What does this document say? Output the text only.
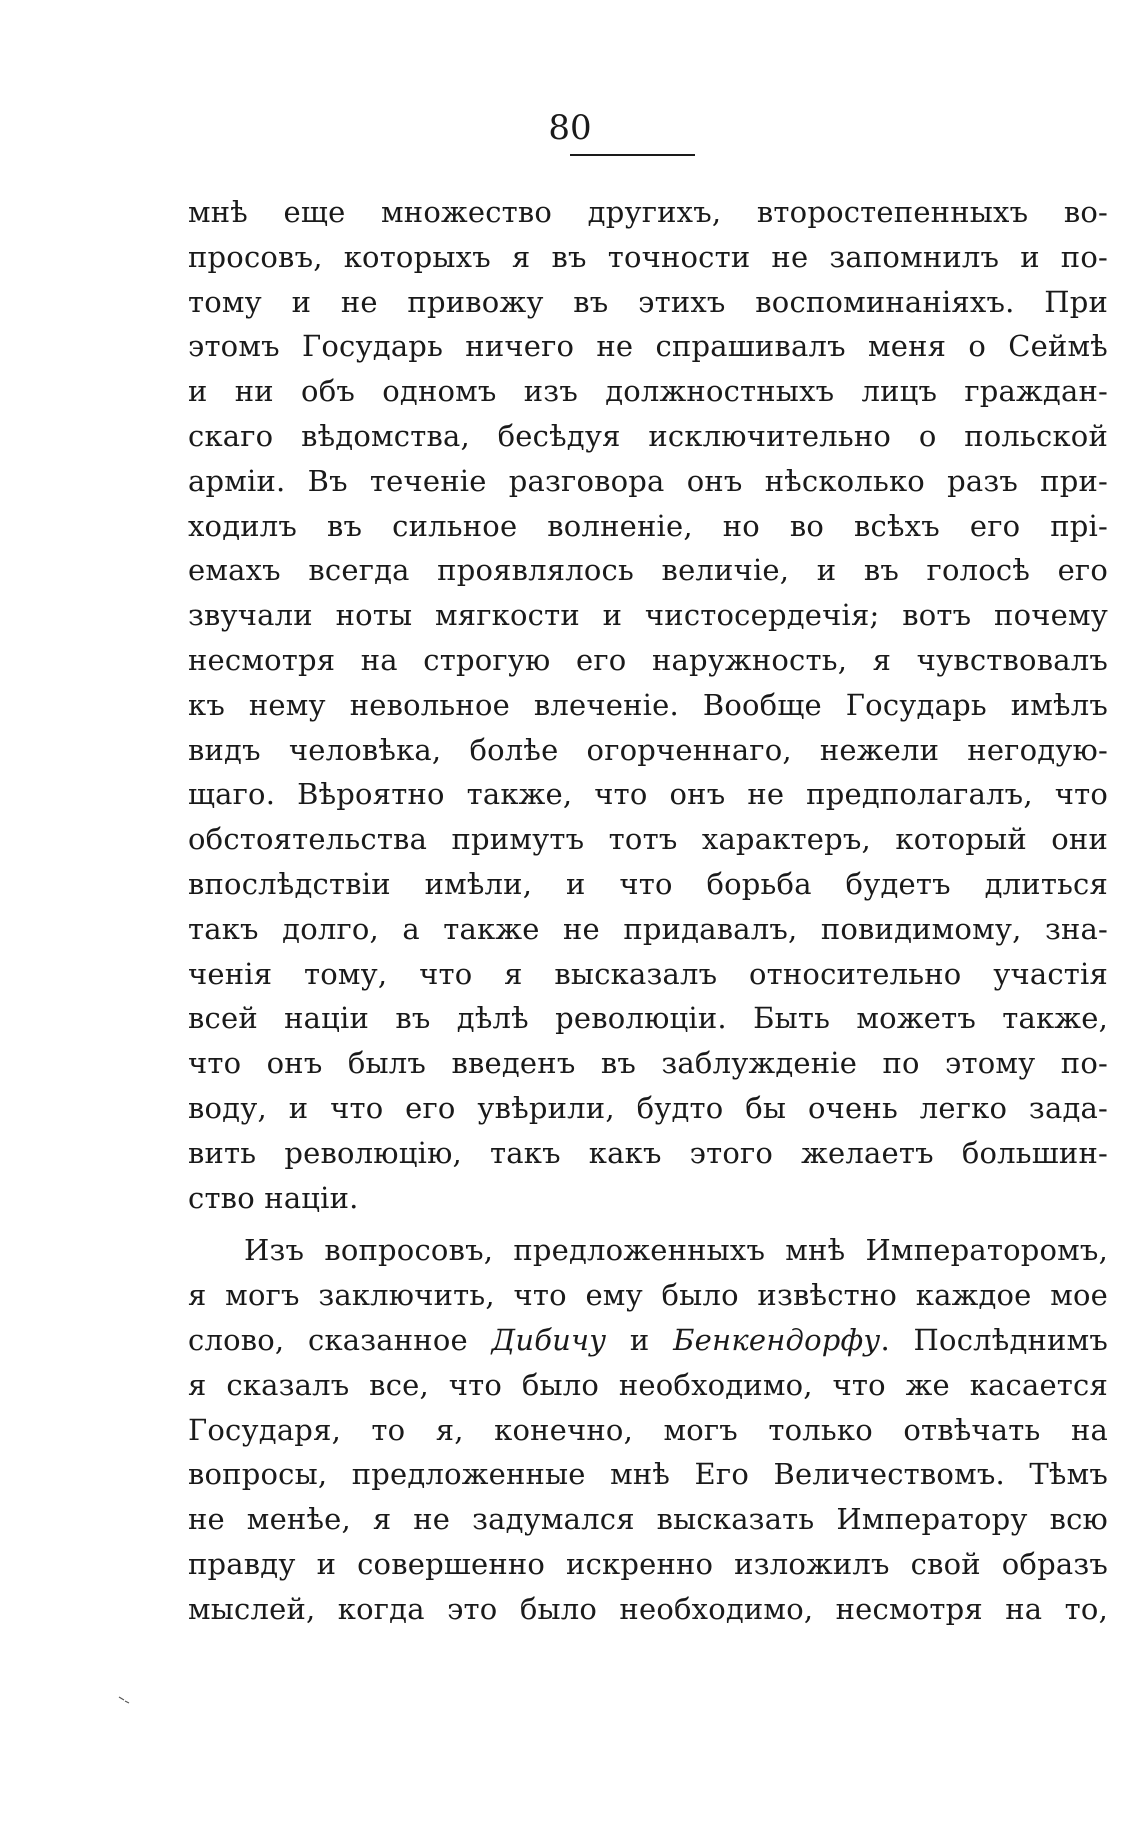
80
мнѣ еще множество другихъ, второстепенныхъ во-
просовъ, которыхъ я въ точности не запомнилъ и по-
тому и не привожу въ этихъ воспоминаніяхъ. При
этомъ Государь ничего не спрашивалъ меня о Сеймѣ
и ни объ одномъ изъ должностныхъ лицъ граждан-
скаго вѣдомства, бесѣдуя исключительно о польской
арміи. Въ теченіе разговора онъ нѣсколько разъ при-
ходилъ въ сильное волненіе, но во всѣхъ его прі-
емахъ всегда проявлялось величіе, и въ голосѣ его
звучали ноты мягкости и чистосердечія; вотъ почему
несмотря на строгую его наружность, я чувствовалъ
къ нему невольное влеченіе. Вообще Государь имѣлъ
видъ человѣка, болѣе огорченнаго, нежели негодую-
щаго. Вѣроятно также, что онъ не предполагалъ, что
обстоятельства примутъ тотъ характеръ, который они
впослѣдствіи имѣли, и что борьба будетъ длиться
такъ долго, а также не придавалъ, повидимому, зна-
ченія тому, что я высказалъ относительно участія
всей націи въ дѣлѣ революціи. Быть можетъ также,
что онъ былъ введенъ въ заблужденіе по этому по-
воду, и что его увѣрили, будто бы очень легко зада-
вить революцію, такъ какъ этого желаетъ большин-
ство націи.
Изъ вопросовъ, предложенныхъ мнѣ Императоромъ,
я могъ заключить, что ему было извѣстно каждое мое
слово, сказанное Дибичу и Бенкендорфу. Послѣднимъ
я сказалъ все, что было необходимо, что же касается
Государя, то я, конечно, могъ только отвѣчать на
вопросы, предложенные мнѣ Его Величествомъ. Тѣмъ
не менѣе, я не задумался высказать Императору всю
правду и совершенно искренно изложилъ свой образъ
мыслей, когда это было необходимо, несмотря на то,
